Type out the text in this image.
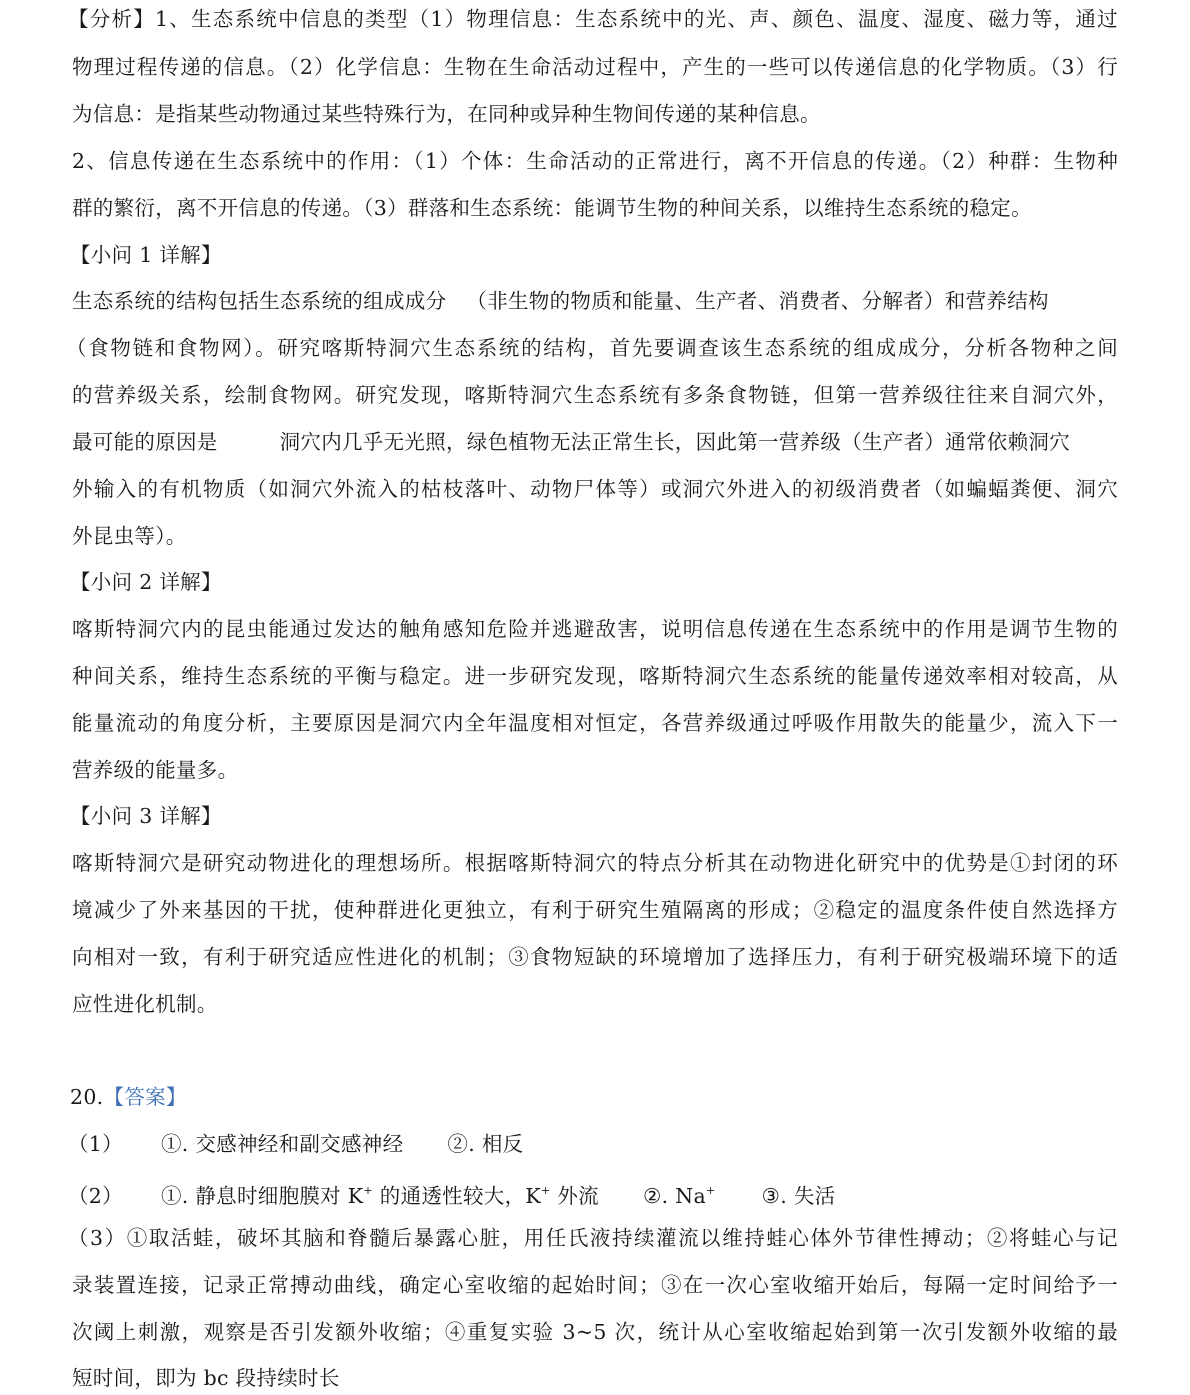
【分析】1、生态系统中信息的类型（1）物理信息：生态系统中的光、声、颜色、温度、湿度、磁力等，通过
物理过程传递的信息。（2）化学信息：生物在生命活动过程中，产生的一些可以传递信息的化学物质。（3）行
为信息：是指某些动物通过某些特殊行为，在同种或异种生物间传递的某种信息。
2、信息传递在生态系统中的作用：（1）个体：生命活动的正常进行，离不开信息的传递。（2）种群：生物种
群的繁衍，离不开信息的传递。（3）群落和生态系统：能调节生物的种间关系，以维持生态系统的稳定。
【小问 1 详解】
生态系统的结构包括生态系统的组成成分 （非生物的物质和能量、生产者、消费者、分解者）和营养结构
（食物链和食物网）。研究喀斯特洞穴生态系统的结构，首先要调查该生态系统的组成成分，分析各物种之间
的营养级关系，绘制食物网。研究发现，喀斯特洞穴生态系统有多条食物链，但第一营养级往往来自洞穴外，
最可能的原因是	洞穴内几乎无光照，绿色植物无法正常生长，因此第一营养级（生产者）通常依赖洞穴
外输入的有机物质（如洞穴外流入的枯枝落叶、动物尸体等）或洞穴外进入的初级消费者（如蝙蝠粪便、洞穴
外昆虫等）。
【小问 2 详解】
喀斯特洞穴内的昆虫能通过发达的触角感知危险并逃避敌害，说明信息传递在生态系统中的作用是调节生物的
种间关系，维持生态系统的平衡与稳定。进一步研究发现，喀斯特洞穴生态系统的能量传递效率相对较高，从
能量流动的角度分析，主要原因是洞穴内全年温度相对恒定，各营养级通过呼吸作用散失的能量少，流入下一
营养级的能量多。
【小问 3 详解】
喀斯特洞穴是研究动物进化的理想场所。根据喀斯特洞穴的特点分析其在动物进化研究中的优势是①封闭的环
境减少了外来基因的干扰，使种群进化更独立，有利于研究生殖隔离的形成；②稳定的温度条件使自然选择方
向相对一致，有利于研究适应性进化的机制；③食物短缺的环境增加了选择压力，有利于研究极端环境下的适
应性进化机制。
20.【答案】
（1） ①. 交感神经和副交感神经 ②. 相反
（2） ①. 静息时细胞膜对 K+ 的通透性较大，K+ 外流 ②. Na+ ③. 失活
（3）①取活蛙，破坏其脑和脊髓后暴露心脏，用任氏液持续灌流以维持蛙心体外节律性搏动；②将蛙心与记
录装置连接，记录正常搏动曲线，确定心室收缩的起始时间；③在一次心室收缩开始后，每隔一定时间给予一
次阈上刺激，观察是否引发额外收缩；④重复实验 3~5 次，统计从心室收缩起始到第一次引发额外收缩的最
短时间，即为 bc 段持续时长
